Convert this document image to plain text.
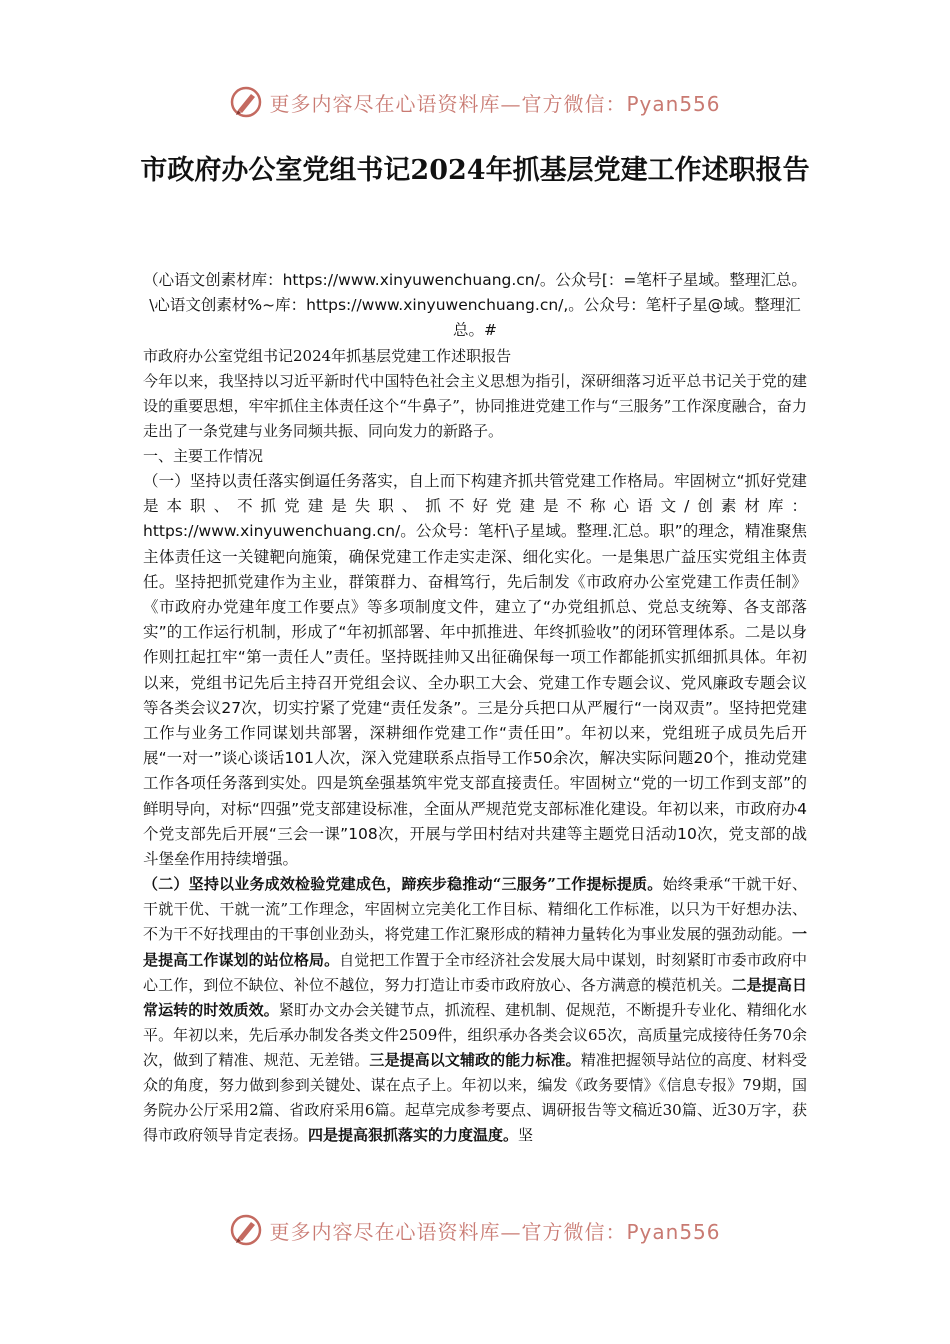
更多内容尽在心语资料库—官方微信：Pyan556
市政府办公室党组书记2024年抓基层党建工作述职报告
（心语文创素材库：https://www.xinyuwenchuang.cn/。公众号[：=笔杆子星域。整理汇总。\心语文创素材%~库：https://www.xinyuwenchuang.cn/,。公众号：笔杆子星@域。整理汇总。#

市政府办公室党组书记2024年抓基层党建工作述职报告

今年以来，我坚持以习近平新时代中国特色社会主义思想为指引，深研细落习近平总书记关于党的建设的重要思想，牢牢抓住主体责任这个“牛鼻子”，协同推进党建工作与“三服务”工作深度融合，奋力走出了一条党建与业务同频共振、同向发力的新路子。

一、主要工作情况

（一）坚持以责任落实倒逼任务落实，自上而下构建齐抓共管党建工作格局。牢固树立“抓好党建是本职、不抓党建是失职、抓不好党建是不称心语文/创素材库：https://www.xinyuwenchuang.cn/。公众号：笔杆\子星域。整理.汇总。职”的理念，精准聚焦主体责任这一关键靶向施策，确保党建工作走实走深、细化实化。一是集思广益压实党组主体责任。坚持把抓党建作为主业，群策群力、奋楫笃行，先后制发《市政府办公室党建工作责任制》《市政府办党建年度工作要点》等多项制度文件，建立了“办党组抓总、党总支统筹、各支部落实”的工作运行机制，形成了“年初抓部署、年中抓推进、年终抓验收”的闭环管理体系。二是以身作则扛起扛牢“第一责任人”责任。坚持既挂帅又出征确保每一项工作都能抓实抓细抓具体。年初以来，党组书记先后主持召开党组会议、全办职工大会、党建工作专题会议、党风廉政专题会议等各类会议27次，切实拧紧了党建“责任发条”。三是分兵把口从严履行“一岗双责”。坚持把党建工作与业务工作同谋划共部署，深耕细作党建工作“责任田”。年初以来，党组班子成员先后开展“一对一”谈心谈话101人次，深入党建联系点指导工作50余次，解决实际问题20个，推动党建工作各项任务落到实处。四是筑垒强基筑牢党支部直接责任。牢固树立“党的一切工作到支部”的鲜明导向，对标“四强”党支部建设标准，全面从严规范党支部标准化建设。年初以来，市政府办4个党支部先后开展“三会一课”108次，开展与学田村结对共建等主题党日活动10次，党支部的战斗堡垒作用持续增强。

（二）坚持以业务成效检验党建成色，蹄疾步稳推动“三服务”工作提标提质。始终秉承“干就干好、干就干优、干就一流”工作理念，牢固树立完美化工作目标、精细化工作标准，以只为干好想办法、不为干不好找理由的干事创业劲头，将党建工作汇聚形成的精神力量转化为事业发展的强劲动能。一是提高工作谋划的站位格局。自觉把工作置于全市经济社会发展大局中谋划，时刻紧盯市委市政府中心工作，到位不缺位、补位不越位，努力打造让市委市政府放心、各方满意的模范机关。二是提高日常运转的时效质效。紧盯办文办会关键节点，抓流程、建机制、促规范，不断提升专业化、精细化水平。年初以来，先后承办制发各类文件2509件，组织承办各类会议65次，高质量完成接待任务70余次，做到了精准、规范、无差错。三是提高以文辅政的能力标准。精准把握领导站位的高度、材料受众的角度，努力做到参到关键处、谋在点子上。年初以来，编发《政务要情》《信息专报》79期，国务院办公厅采用2篇、省政府采用6篇。起草完成参考要点、调研报告等文稿近30篇、近30万字，获得市政府领导肯定表扬。四是提高狠抓落实的力度温度。坚

更多内容尽在心语资料库—官方微信：Pyan556
